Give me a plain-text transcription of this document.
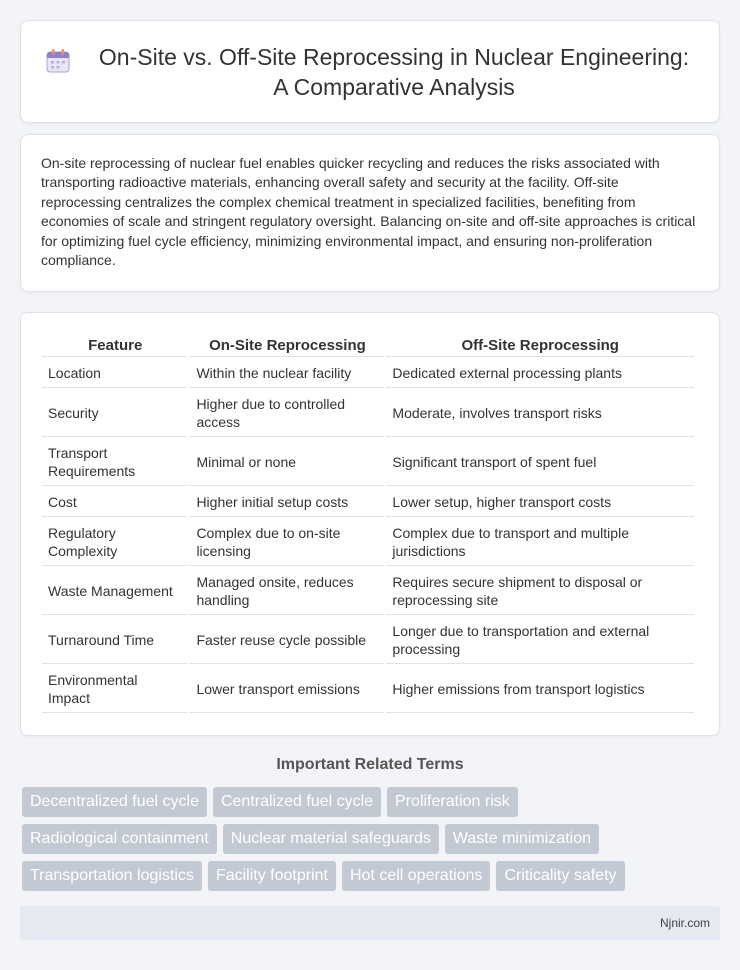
On-Site vs. Off-Site Reprocessing in Nuclear Engineering: A Comparative Analysis

On-site reprocessing of nuclear fuel enables quicker recycling and reduces the risks associated with transporting radioactive materials, enhancing overall safety and security at the facility. Off-site reprocessing centralizes the complex chemical treatment in specialized facilities, benefiting from economies of scale and stringent regulatory oversight. Balancing on-site and off-site approaches is critical for optimizing fuel cycle efficiency, minimizing environmental impact, and ensuring non-proliferation compliance.

Feature	On-Site Reprocessing	Off-Site Reprocessing
Location	Within the nuclear facility	Dedicated external processing plants
Security	Higher due to controlled access	Moderate, involves transport risks
Transport Requirements	Minimal or none	Significant transport of spent fuel
Cost	Higher initial setup costs	Lower setup, higher transport costs
Regulatory Complexity	Complex due to on-site licensing	Complex due to transport and multiple jurisdictions
Waste Management	Managed onsite, reduces handling	Requires secure shipment to disposal or reprocessing site
Turnaround Time	Faster reuse cycle possible	Longer due to transportation and external processing
Environmental Impact	Lower transport emissions	Higher emissions from transport logistics
Important Related Terms
Decentralized fuel cycle	Centralized fuel cycle	Proliferation risk
Radiological containment	Nuclear material safeguards	Waste minimization
Transportation logistics	Facility footprint	Hot cell operations	Criticality safety
Njnir.com
